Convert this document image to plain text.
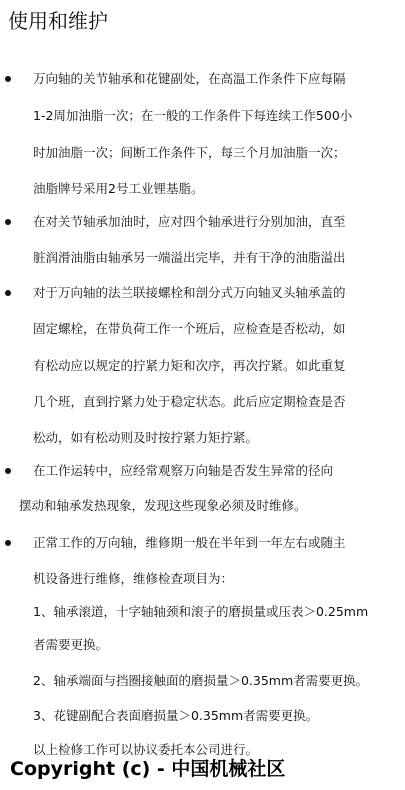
使用和维护
万向轴的关节轴承和花键副处，在高温工作条件下应每隔
1-2周加油脂一次；在一般的工作条件下每连续工作500小
时加油脂一次；间断工作条件下，每三个月加油脂一次；
油脂牌号采用2号工业锂基脂。
在对关节轴承加油时，应对四个轴承进行分别加油，直至
脏润滑油脂由轴承另一端溢出完毕，并有干净的油脂溢出
对于万向轴的法兰联接螺栓和剖分式万向轴叉头轴承盖的
固定螺栓，在带负荷工作一个班后，应检查是否松动，如
有松动应以规定的拧紧力矩和次序，再次拧紧。如此重复
几个班，直到拧紧力处于稳定状态。此后应定期检查是否
松动，如有松动则及时按拧紧力矩拧紧。
在工作运转中，应经常观察万向轴是否发生异常的径向
摆动和轴承发热现象，发现这些现象必须及时维修。
正常工作的万向轴，维修期一般在半年到一年左右或随主
机设备进行维修，维修检查项目为：
1、轴承滚道，十字轴轴颈和滚子的磨损量或压表＞0.25mm
者需要更换。
2、轴承端面与挡圈接触面的磨损量＞0.35mm者需要更换。
3、花键副配合表面磨损量＞0.35mm者需要更换。
以上检修工作可以协议委托本公司进行。
Copyright (c) - 中国机械社区
